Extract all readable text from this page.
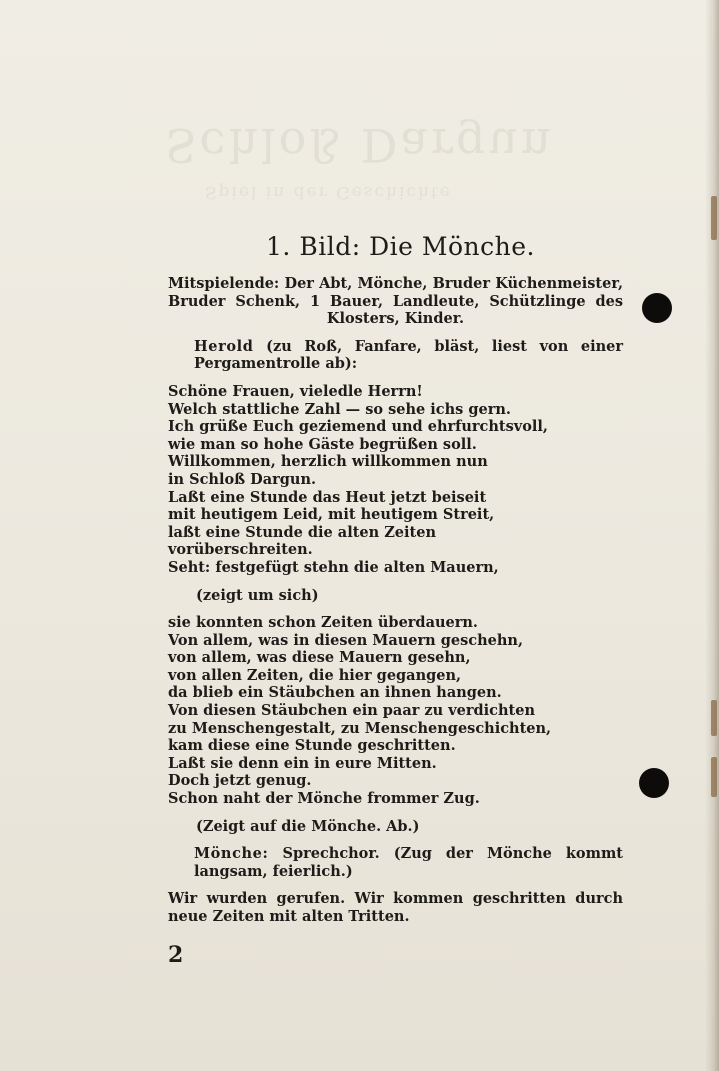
Schloß Dargun
Spiel in der Geschichte
1. Bild: Die Mönche.

Mitspielende: Der Abt, Mönche, Bruder Küchenmeister, Bruder Schenk, 1 Bauer, Landleute, Schützlinge des Klosters, Kinder.

Herold (zu Roß, Fanfare, bläst, liest von einer Pergamentrolle ab):

Schöne Frauen, vieledle Herrn!

Welch stattliche Zahl — so sehe ichs gern.

Ich grüße Euch geziemend und ehrfurchtsvoll,

wie man so hohe Gäste begrüßen soll.

Willkommen, herzlich willkommen nun

in Schloß Dargun.

Laßt eine Stunde das Heut jetzt beiseit

mit heutigem Leid, mit heutigem Streit,

laßt eine Stunde die alten Zeiten

vorüberschreiten.

Seht: festgefügt stehn die alten Mauern,

(zeigt um sich)

sie konnten schon Zeiten überdauern.

Von allem, was in diesen Mauern geschehn,

von allem, was diese Mauern gesehn,

von allen Zeiten, die hier gegangen,

da blieb ein Stäubchen an ihnen hangen.

Von diesen Stäubchen ein paar zu verdichten

zu Menschengestalt, zu Menschengeschichten,

kam diese eine Stunde geschritten.

Laßt sie denn ein in eure Mitten.

Doch jetzt genug.

Schon naht der Mönche frommer Zug.

(Zeigt auf die Mönche. Ab.)

Mönche: Sprechchor. (Zug der Mönche kommt langsam, feierlich.)

Wir wurden gerufen. Wir kommen geschritten durch neue Zeiten mit alten Tritten.

2
